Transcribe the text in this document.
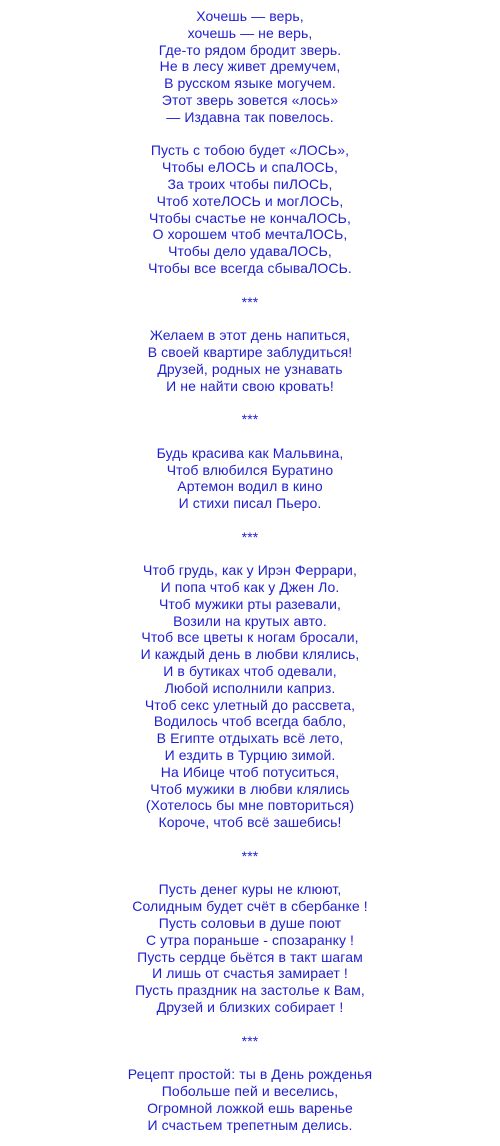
Хочешь — верь,
хочешь — не верь,
Где-то рядом бродит зверь.
Не в лесу живет дремучем,
В русском языке могучем.
Этот зверь зовется «лось»
— Издавна так повелось.
Пусть с тобою будет «ЛОСЬ»,
Чтобы еЛОСЬ и спаЛОСЬ,
За троих чтобы пиЛОСЬ,
Чтоб хотеЛОСЬ и могЛОСЬ,
Чтобы счастье не кончаЛОСЬ,
О хорошем чтоб мечтаЛОСЬ,
Чтобы дело удаваЛОСЬ,
Чтобы все всегда сбываЛОСЬ.
***
Желаем в этот день напиться,
В своей квартире заблудиться!
Друзей, родных не узнавать
И не найти свою кровать!
***
Будь красива как Мальвина,
Чтоб влюбился Буратино
Артемон водил в кино
И стихи писал Пьеро.
***
Чтоб грудь, как у Ирэн Феррари,
И попа чтоб как у Джен Ло.
Чтоб мужики рты разевали,
Возили на крутых авто.
Чтоб все цветы к ногам бросали,
И каждый день в любви клялись,
И в бутиках чтоб одевали,
Любой исполнили каприз.
Чтоб секс улетный до рассвета,
Водилось чтоб всегда бабло,
В Египте отдыхать всё лето,
И ездить в Турцию зимой.
На Ибице чтоб потуситься,
Чтоб мужики в любви клялись
(Хотелось бы мне повториться)
Короче, чтоб всё зашебись!
***
Пусть денег куры не клюют,
Солидным будет счёт в сбербанке !
Пусть соловьи в душе поют
С утра пораньше - спозаранку !
Пусть сердце бьётся в такт шагам
И лишь от счастья замирает !
Пусть праздник на застолье к Вам,
Друзей и близких собирает !
***
Рецепт простой: ты в День рожденья
Побольше пей и веселись,
Огромной ложкой ешь варенье
И счастьем трепетным делись.
